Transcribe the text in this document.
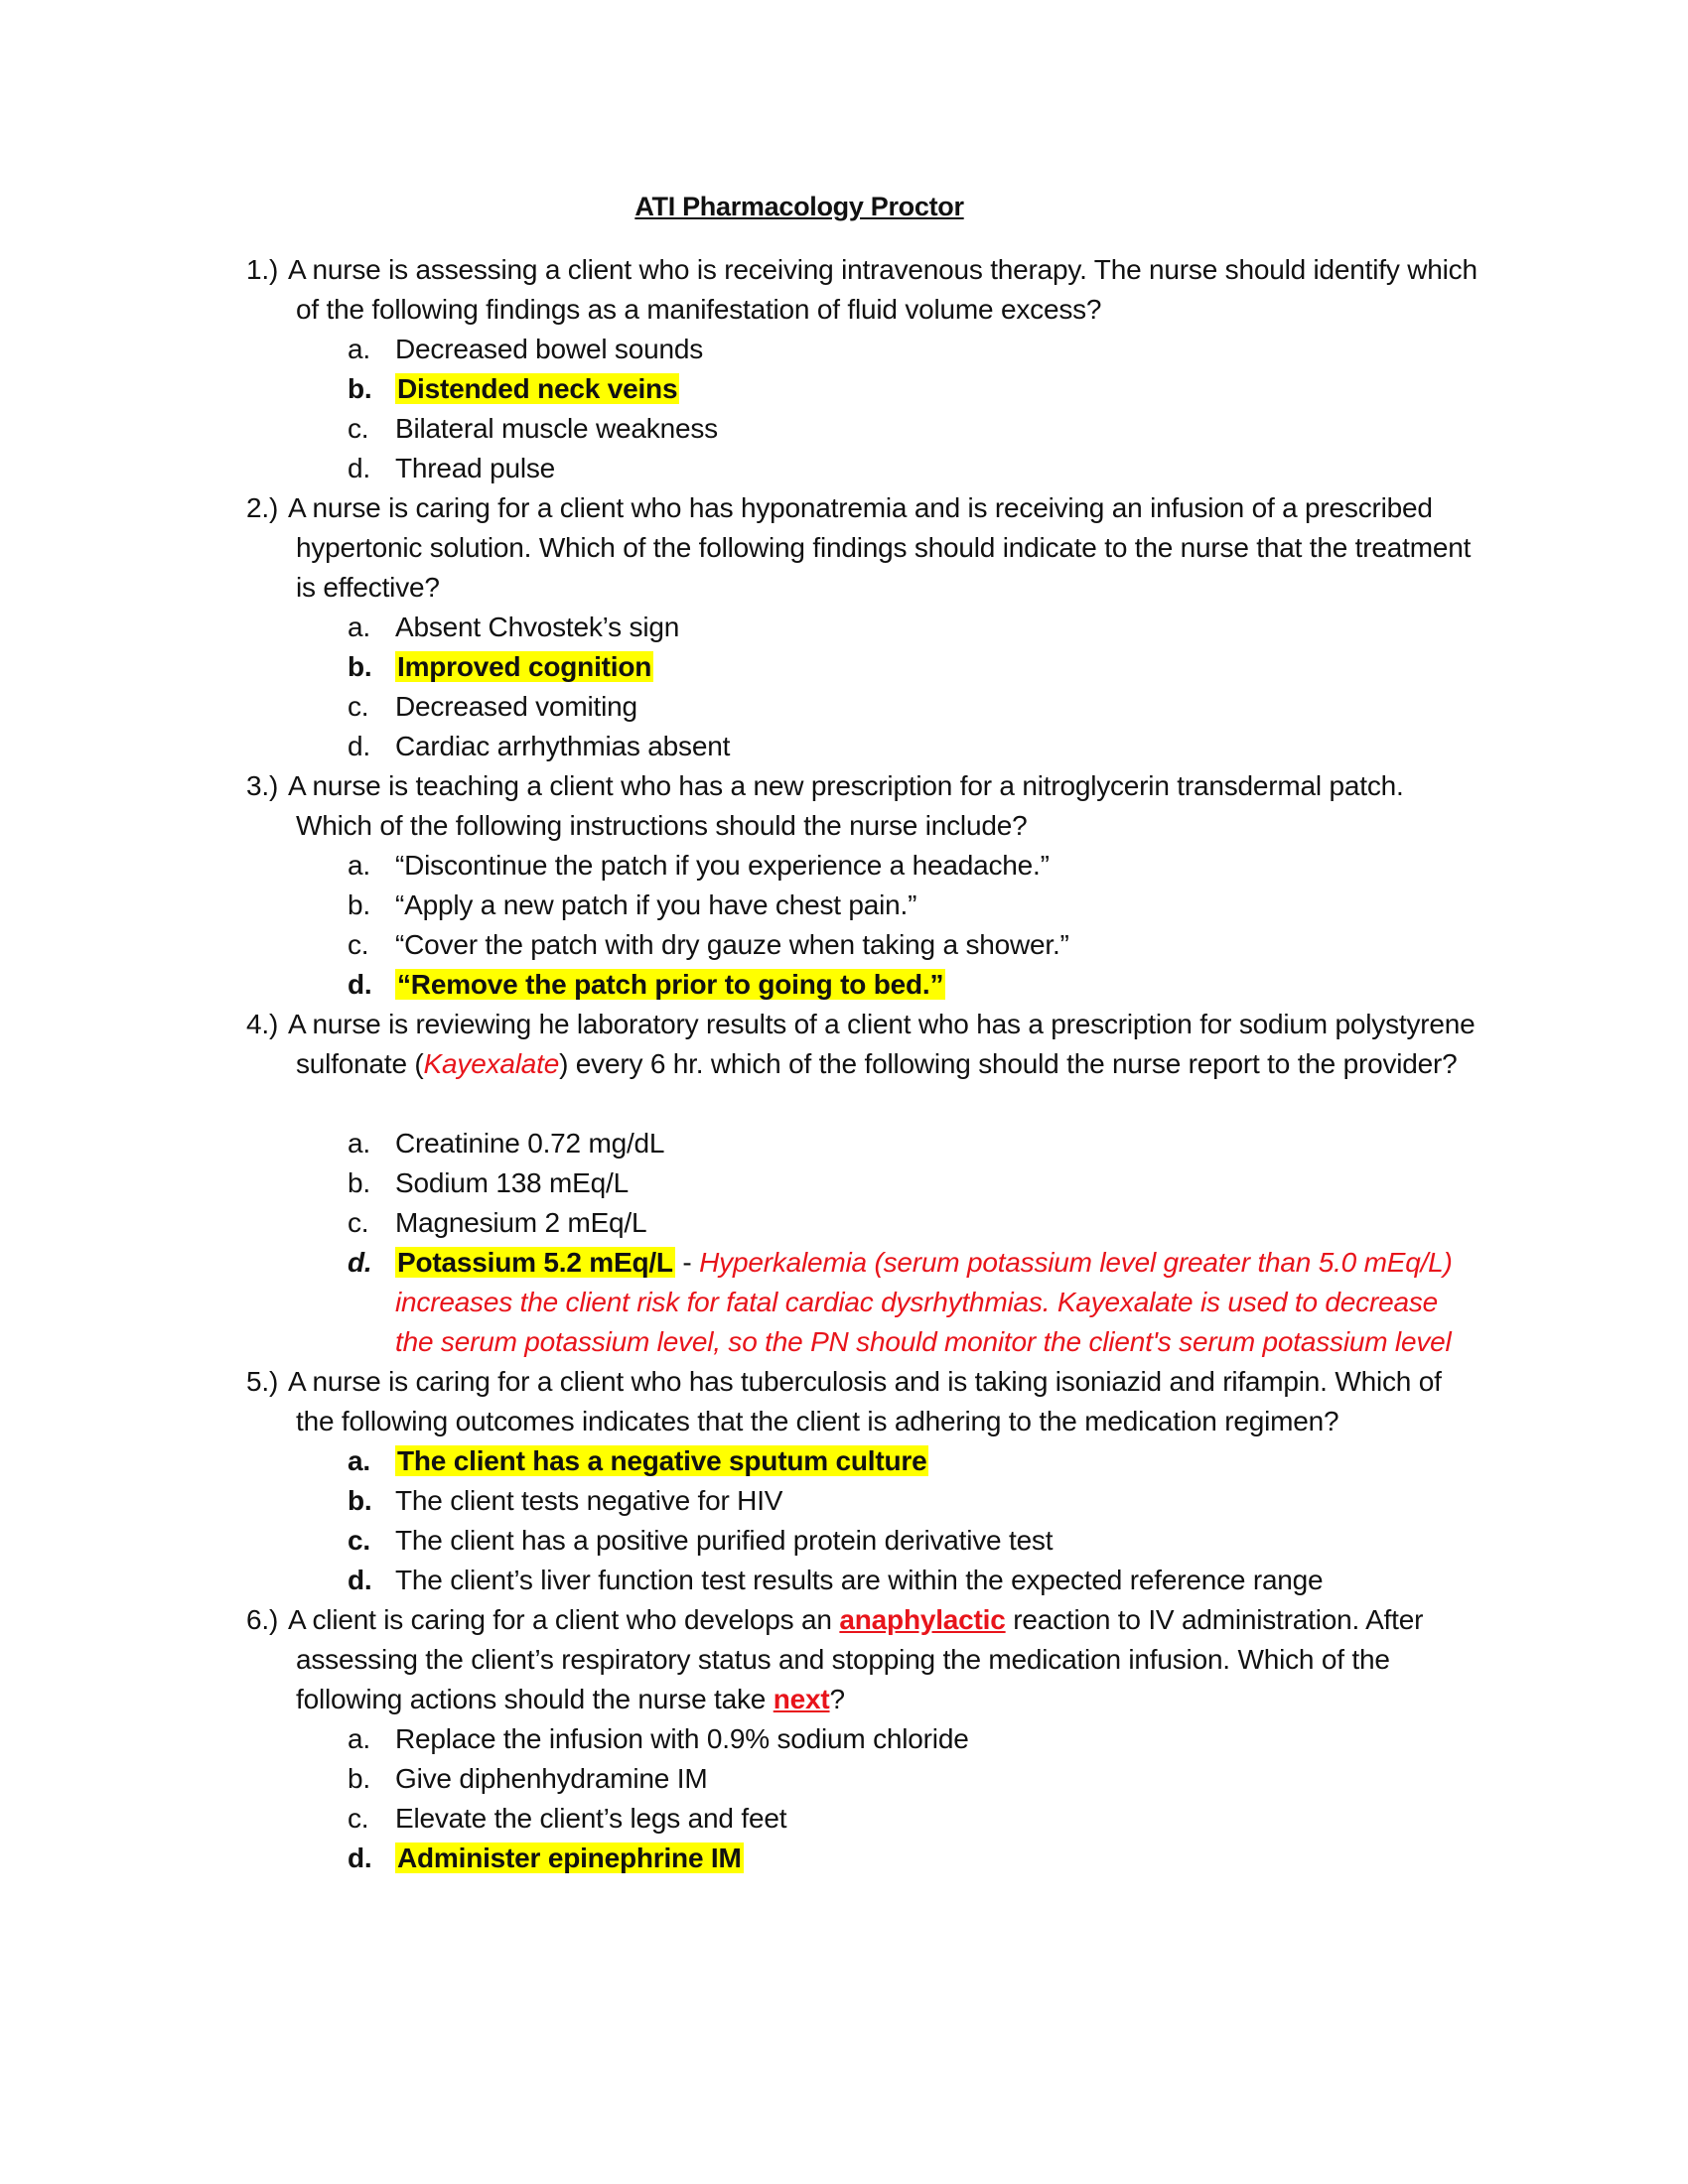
ATI Pharmacology Proctor
1.) A nurse is assessing a client who is receiving intravenous therapy. The nurse should identify which of the following findings as a manifestation of fluid volume excess?
a. Decreased bowel sounds
b. Distended neck veins
c. Bilateral muscle weakness
d. Thread pulse
2.) A nurse is caring for a client who has hyponatremia and is receiving an infusion of a prescribed hypertonic solution. Which of the following findings should indicate to the nurse that the treatment is effective?
a. Absent Chvostek’s sign
b. Improved cognition
c. Decreased vomiting
d. Cardiac arrhythmias absent
3.) A nurse is teaching a client who has a new prescription for a nitroglycerin transdermal patch. Which of the following instructions should the nurse include?
a. “Discontinue the patch if you experience a headache.”
b. “Apply a new patch if you have chest pain.”
c. “Cover the patch with dry gauze when taking a shower.”
d. “Remove the patch prior to going to bed.”
4.) A nurse is reviewing he laboratory results of a client who has a prescription for sodium polystyrene sulfonate (Kayexalate) every 6 hr. which of the following should the nurse report to the provider?
a. Creatinine 0.72 mg/dL
b. Sodium 138 mEq/L
c. Magnesium 2 mEq/L
d. Potassium 5.2 mEq/L - Hyperkalemia (serum potassium level greater than 5.0 mEq/L)
increases the client risk for fatal cardiac dysrhythmias. Kayexalate is used to decrease the serum potassium level, so the PN should monitor the client's serum potassium level
5.) A nurse is caring for a client who has tuberculosis and is taking isoniazid and rifampin. Which of the following outcomes indicates that the client is adhering to the medication regimen?
a. The client has a negative sputum culture
b. The client tests negative for HIV
c. The client has a positive purified protein derivative test
d. The client’s liver function test results are within the expected reference range
6.) A client is caring for a client who develops an anaphylactic reaction to IV administration. After assessing the client’s respiratory status and stopping the medication infusion. Which of the following actions should the nurse take next?
a. Replace the infusion with 0.9% sodium chloride
b. Give diphenhydramine IM
c. Elevate the client’s legs and feet
d. Administer epinephrine IM
